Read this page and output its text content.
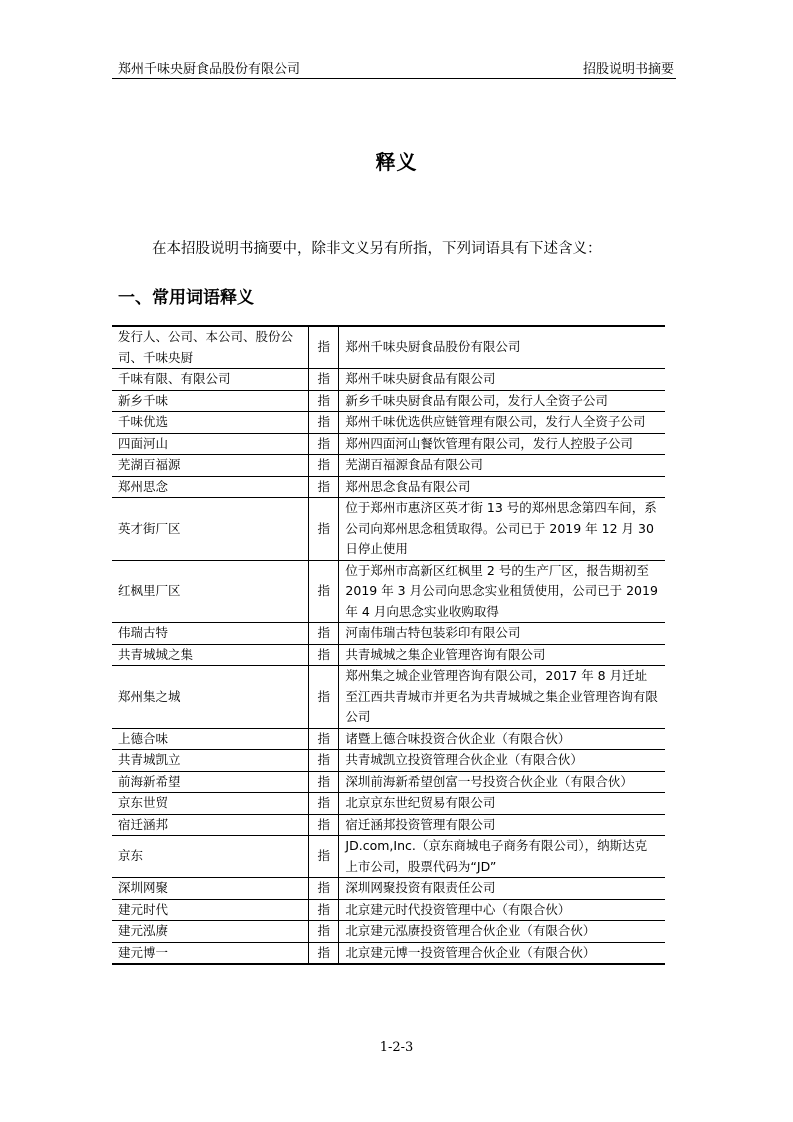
郑州千味央厨食品股份有限公司	招股说明书摘要
释义
在本招股说明书摘要中，除非文义另有所指，下列词语具有下述含义：
一、常用词语释义
发行人、公司、本公司、股份公司、千味央厨	指	郑州千味央厨食品股份有限公司
千味有限、有限公司	指	郑州千味央厨食品有限公司
新乡千味	指	新乡千味央厨食品有限公司，发行人全资子公司
千味优选	指	郑州千味优选供应链管理有限公司，发行人全资子公司
四面河山	指	郑州四面河山餐饮管理有限公司，发行人控股子公司
芜湖百福源	指	芜湖百福源食品有限公司
郑州思念	指	郑州思念食品有限公司
英才街厂区	指	位于郑州市惠济区英才街 13 号的郑州思念第四车间，系公司向郑州思念租赁取得。公司已于 2019 年 12 月 30 日停止使用
红枫里厂区	指	位于郑州市高新区红枫里 2 号的生产厂区，报告期初至 2019 年 3 月公司向思念实业租赁使用，公司已于 2019 年 4 月向思念实业收购取得
伟瑞古特	指	河南伟瑞古特包装彩印有限公司
共青城城之集	指	共青城城之集企业管理咨询有限公司
郑州集之城	指	郑州集之城企业管理咨询有限公司，2017 年 8 月迁址至江西共青城市并更名为共青城城之集企业管理咨询有限公司
上德合味	指	诸暨上德合味投资合伙企业（有限合伙）
共青城凯立	指	共青城凯立投资管理合伙企业（有限合伙）
前海新希望	指	深圳前海新希望创富一号投资合伙企业（有限合伙）
京东世贸	指	北京京东世纪贸易有限公司
宿迁涵邦	指	宿迁涵邦投资管理有限公司
京东	指	JD.com,Inc.（京东商城电子商务有限公司），纳斯达克上市公司，股票代码为“JD”
深圳网聚	指	深圳网聚投资有限责任公司
建元时代	指	北京建元时代投资管理中心（有限合伙）
建元泓赓	指	北京建元泓赓投资管理合伙企业（有限合伙）
建元博一	指	北京建元博一投资管理合伙企业（有限合伙）
1-2-3
